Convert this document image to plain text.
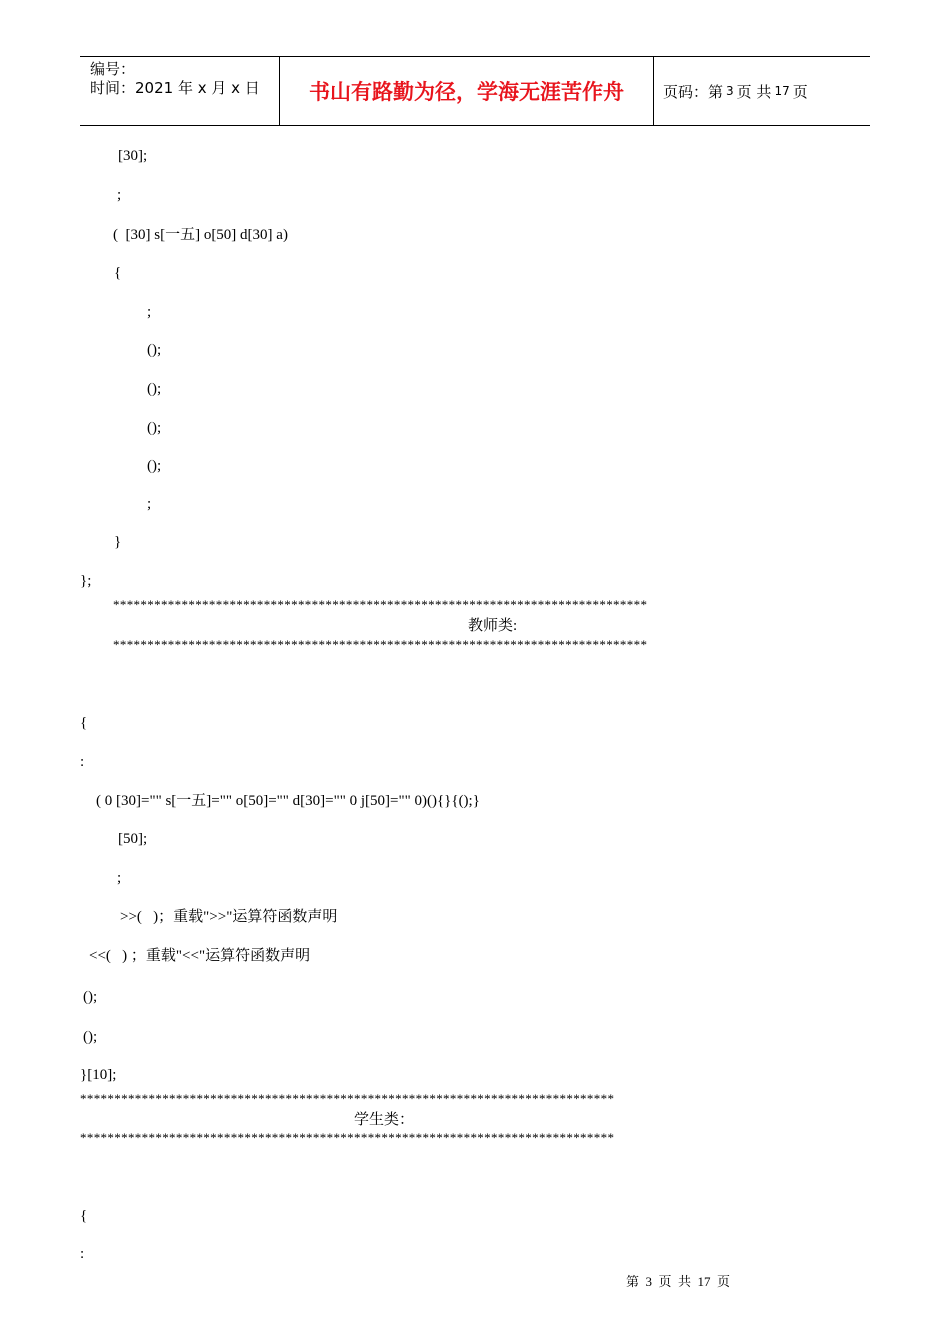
编号：
时间：2021 年 x 月 x 日	书山有路勤为径，学海无涯苦作舟	页码：第 3 页 共 17 页
[30];
;
(  [30] s[一五] o[50] d[30] a)
{
;
();
();
();
();
;
}
};
******************************************************************************
教师类:
******************************************************************************
{
:
( 0 [30]="" s[一五]="" o[50]="" d[30]="" 0 j[50]="" 0)(){}{();}
[50];
;
>>(   )；重载">>"运算符函数声明
<<(   ) ；重载"<<"运算符函数声明
();
();
}[10];
******************************************************************************
学生类：
******************************************************************************
{
:
第  3  页  共  17  页
